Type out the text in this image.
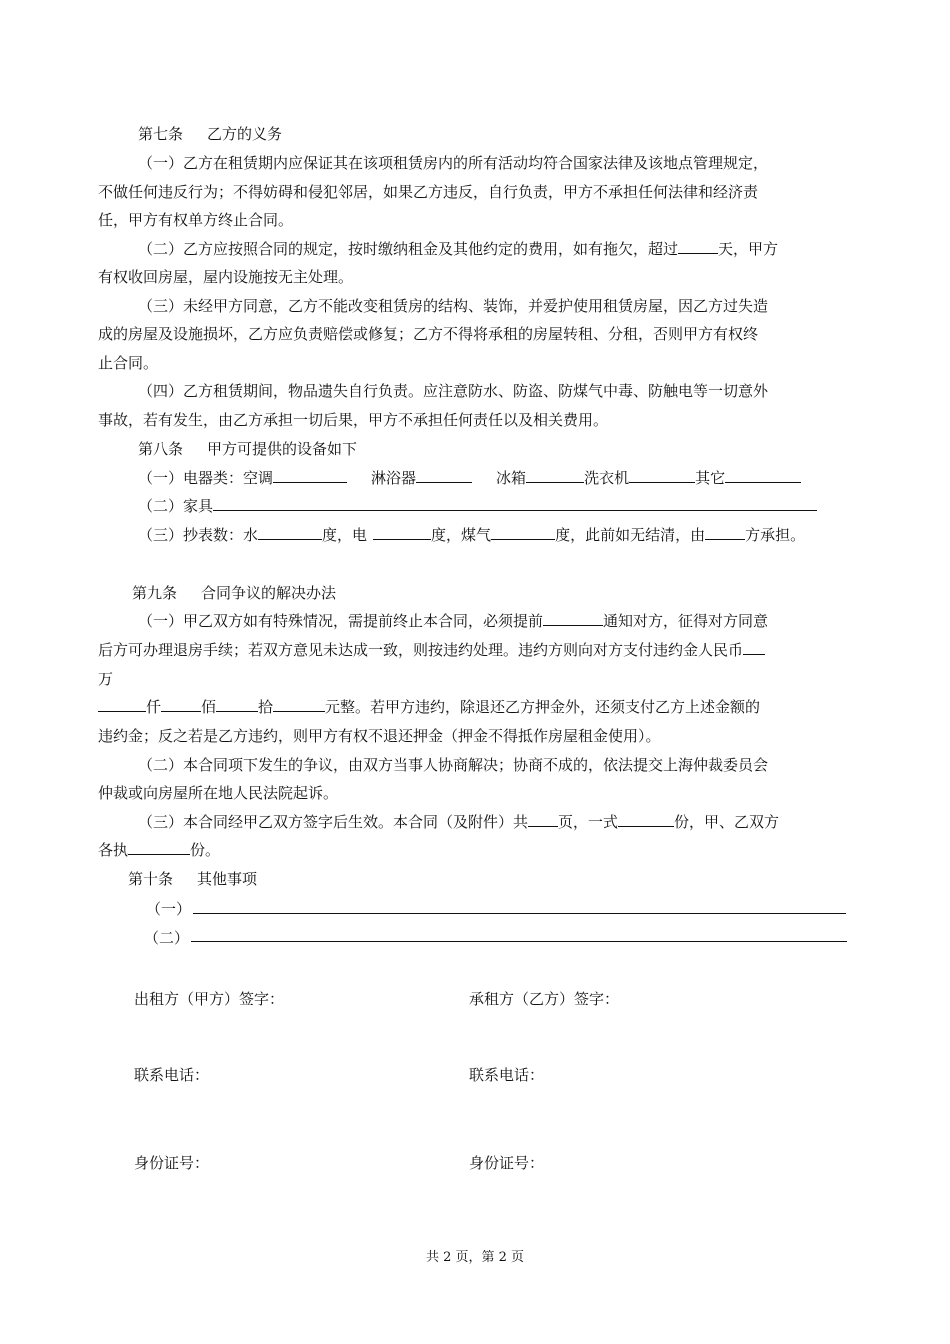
第七条 乙方的义务
（一）乙方在租赁期内应保证其在该项租赁房内的所有活动均符合国家法律及该地点管理规定，
不做任何违反行为；不得妨碍和侵犯邻居，如果乙方违反，自行负责，甲方不承担任何法律和经济责
任，甲方有权单方终止合同。
（二）乙方应按照合同的规定，按时缴纳租金及其他约定的费用，如有拖欠，超过	天，甲方
有权收回房屋，屋内设施按无主处理。
（三）未经甲方同意，乙方不能改变租赁房的结构、装饰，并爱护使用租赁房屋，因乙方过失造
成的房屋及设施损坏，乙方应负责赔偿或修复；乙方不得将承租的房屋转租、分租，否则甲方有权终
止合同。
（四）乙方租赁期间，物品遗失自行负责。应注意防水、防盗、防煤气中毒、防触电等一切意外
事故，若有发生，由乙方承担一切后果，甲方不承担任何责任以及相关费用。
第八条 甲方可提供的设备如下
（一）电器类：空调	淋浴器	冰箱	洗衣机	其它
（二）家具
（三）抄表数：水	度，电	度，煤气	度，此前如无结清，由	方承担。
第九条 合同争议的解决办法
（一）甲乙双方如有特殊情况，需提前终止本合同，必须提前	通知对方，征得对方同意
后方可办理退房手续；若双方意见未达成一致，则按违约处理。违约方则向对方支付违约金人民币
万
仟	佰	拾	元整。若甲方违约，除退还乙方押金外，还须支付乙方上述金额的
违约金；反之若是乙方违约，则甲方有权不退还押金（押金不得抵作房屋租金使用）。
（二）本合同项下发生的争议，由双方当事人协商解决；协商不成的，依法提交上海仲裁委员会
仲裁或向房屋所在地人民法院起诉。
（三）本合同经甲乙双方签字后生效。本合同（及附件）共 页，一式	份，甲、乙双方
各执	份。
第十条 其他事项
（一）
（二）
出租方（甲方）签字：	承租方（乙方）签字：
联系电话：	联系电话：
身份证号：	身份证号：
共 2 页，第 2 页
